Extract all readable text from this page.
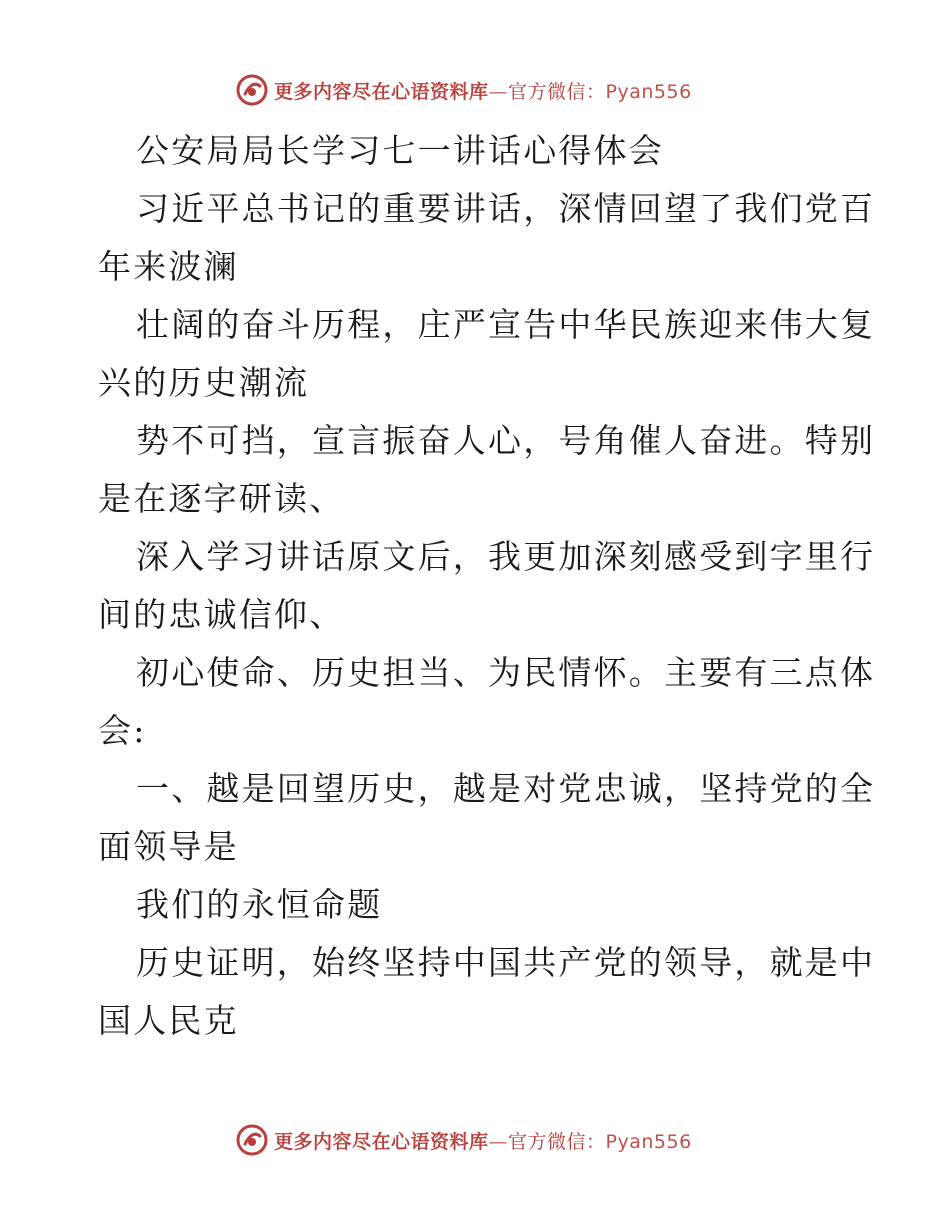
更多内容尽在心语资料库—官方微信：Pyan556
公安局局长学习七一讲话心得体会
习近平总书记的重要讲话，深情回望了我们党百
年来波澜
壮阔的奋斗历程，庄严宣告中华民族迎来伟大复
兴的历史潮流
势不可挡，宣言振奋人心，号角催人奋进。特别
是在逐字研读、
深入学习讲话原文后，我更加深刻感受到字里行
间的忠诚信仰、
初心使命、历史担当、为民情怀。主要有三点体
会:
一、越是回望历史，越是对党忠诚，坚持党的全
面领导是
我们的永恒命题
历史证明，始终坚持中国共产党的领导，就是中
国人民克
更多内容尽在心语资料库—官方微信：Pyan556
